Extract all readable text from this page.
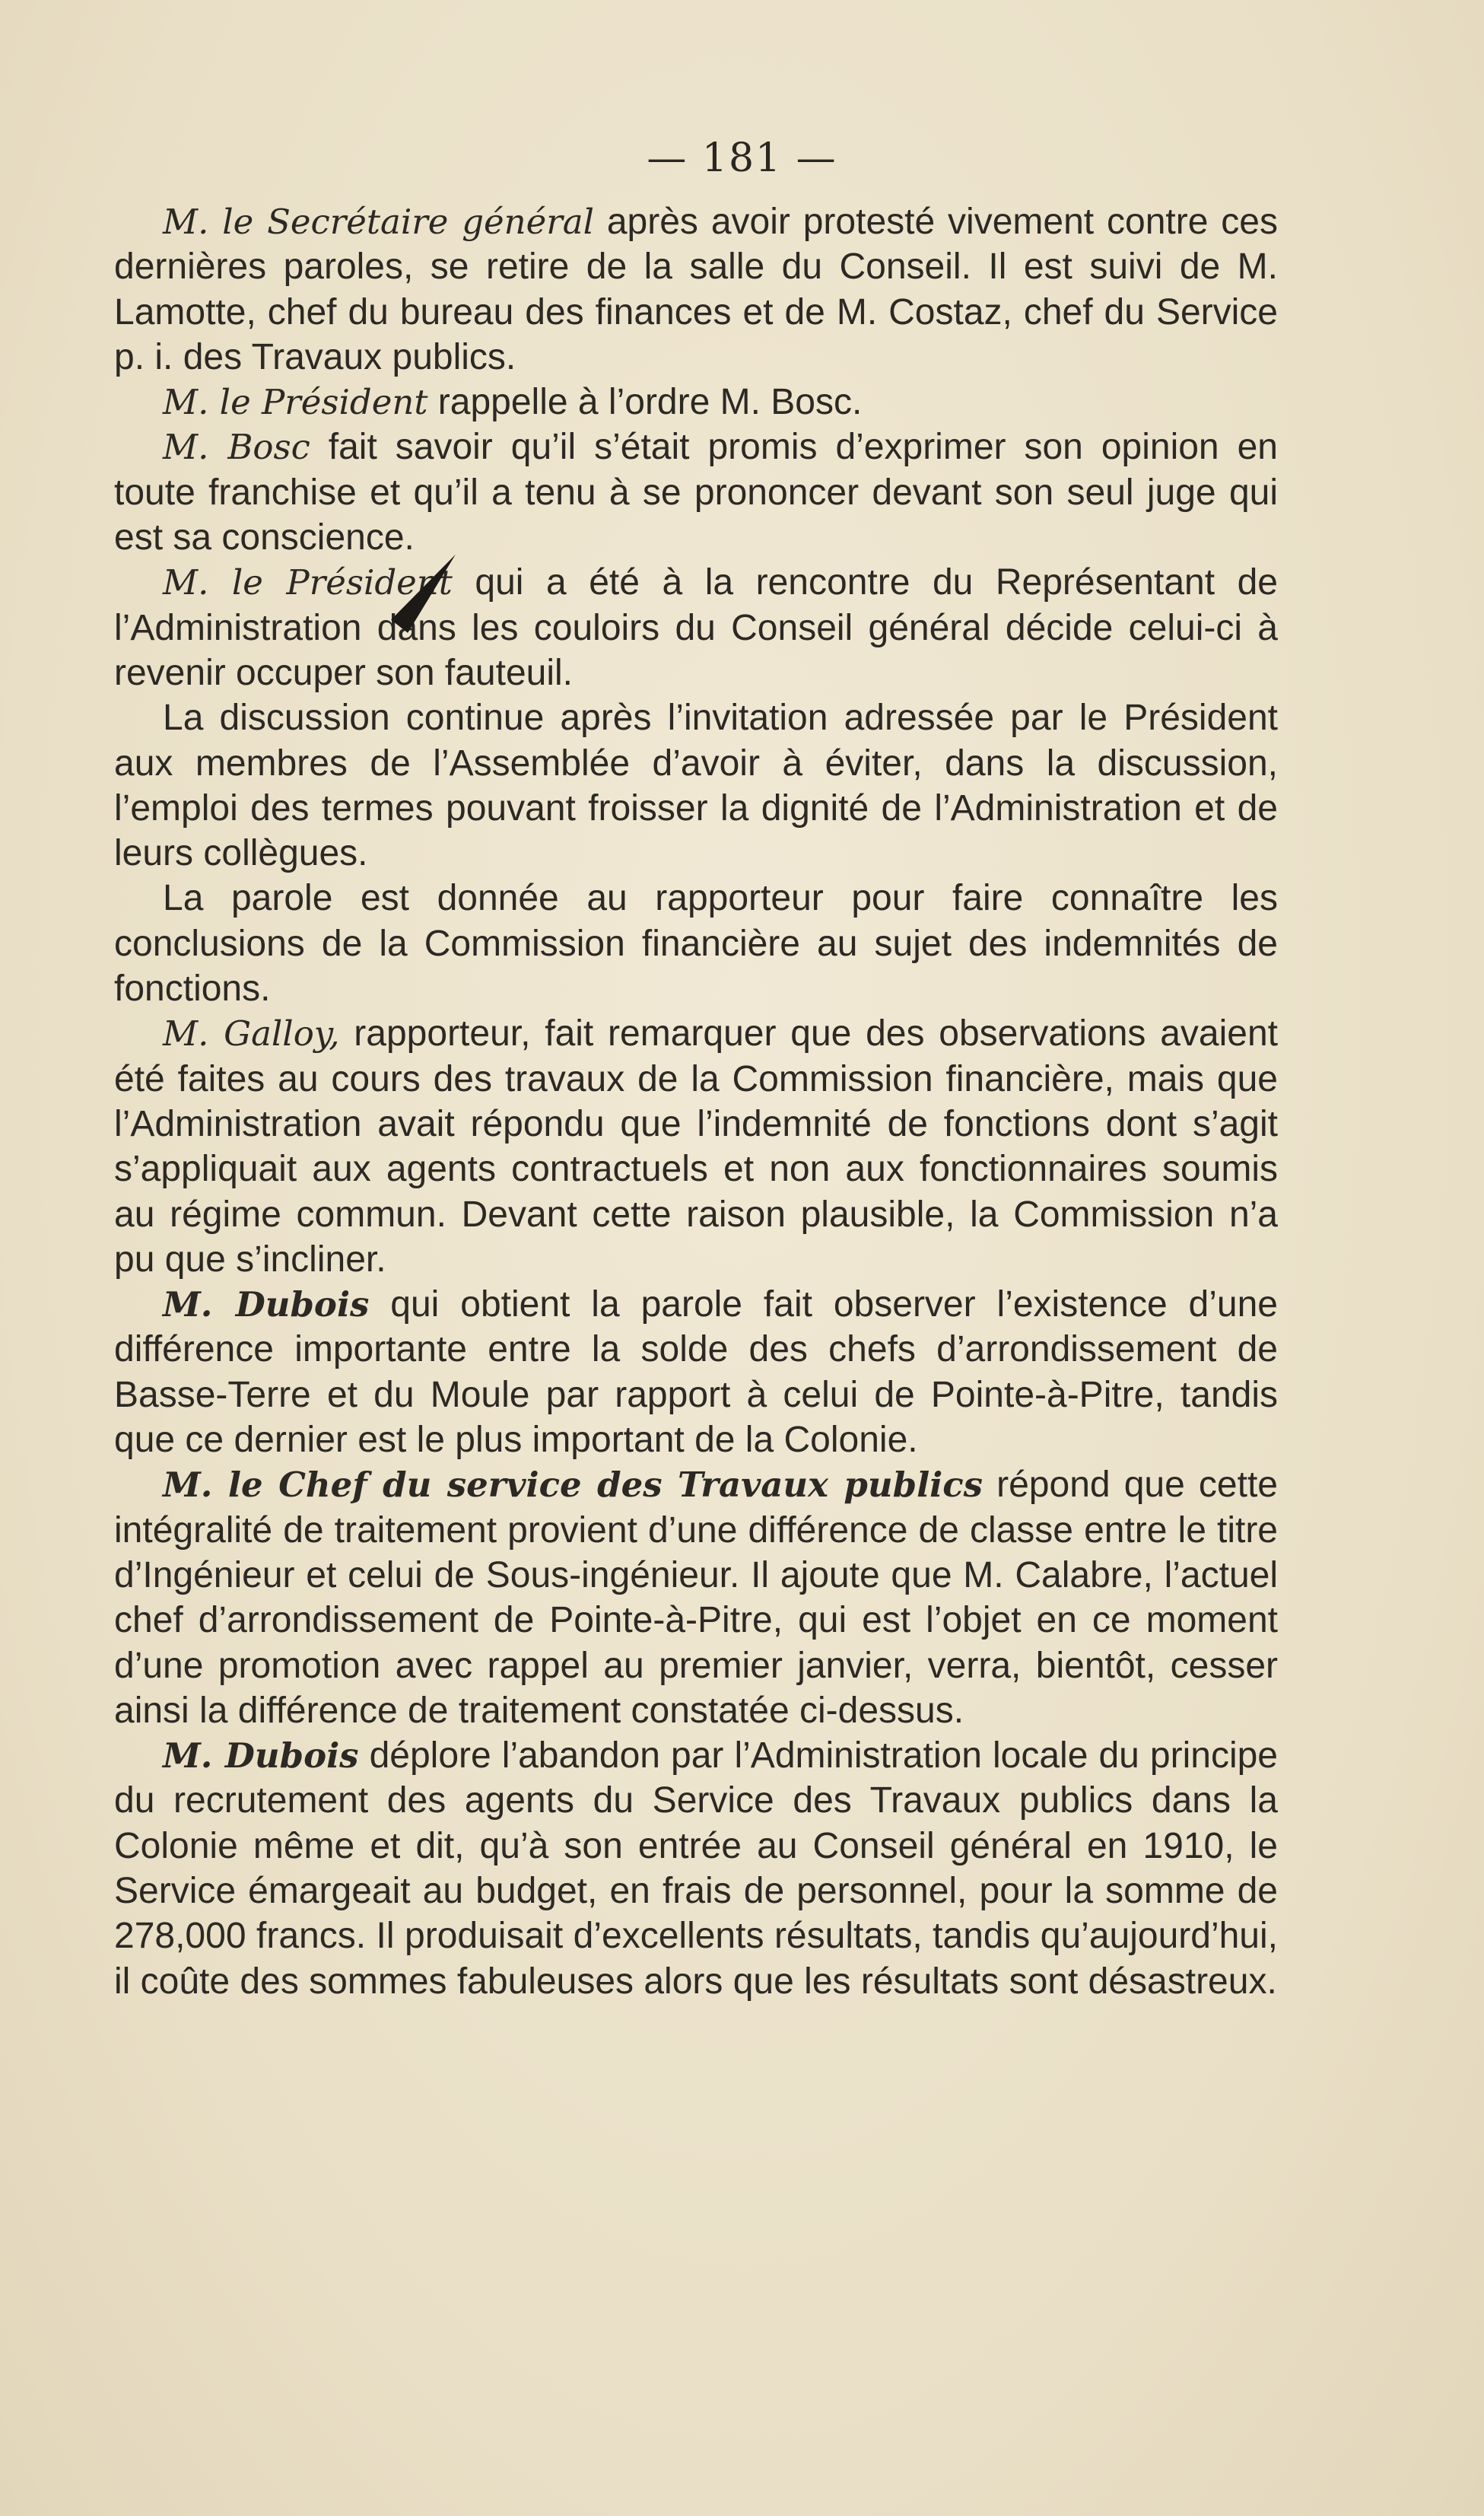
— 181 —

M. le Secrétaire général après avoir protesté vivement contre ces dernières paroles, se retire de la salle du Conseil. Il est suivi de M. Lamotte, chef du bureau des finances et de M. Costaz, chef du Service p. i. des Travaux publics.

M. le Président rappelle à l’ordre M. Bosc.

M. Bosc fait savoir qu’il s’était promis d’exprimer son opinion en toute franchise et qu’il a tenu à se prononcer devant son seul juge qui est sa conscience.

M. le Président qui a été à la rencontre du Représentant de l’Administration dans les couloirs du Conseil général décide celui-ci à revenir occuper son fauteuil.

La discussion continue après l’invitation adressée par le Président aux membres de l’Assemblée d’avoir à éviter, dans la discussion, l’emploi des termes pouvant froisser la dignité de l’Administration et de leurs collègues.

La parole est donnée au rapporteur pour faire connaître les conclusions de la Commission financière au sujet des indemnités de fonctions.

M. Galloy, rapporteur, fait remarquer que des observations avaient été faites au cours des travaux de la Commission financière, mais que l’Administration avait répondu que l’indemnité de fonctions dont s’agit s’appliquait aux agents contractuels et non aux fonctionnaires soumis au régime commun. Devant cette raison plausible, la Commission n’a pu que s’incliner.

M. Dubois qui obtient la parole fait observer l’existence d’une différence importante entre la solde des chefs d’arrondissement de Basse-Terre et du Moule par rapport à celui de Pointe-à-Pitre, tandis que ce dernier est le plus important de la Colonie.

M. le Chef du service des Travaux publics répond que cette intégralité de traitement provient d’une différence de classe entre le titre d’Ingénieur et celui de Sous-ingénieur. Il ajoute que M. Calabre, l’actuel chef d’arrondissement de Pointe-à-Pitre, qui est l’objet en ce moment d’une promotion avec rappel au premier janvier, verra, bientôt, cesser ainsi la différence de traitement constatée ci-dessus.

M. Dubois déplore l’abandon par l’Administration locale du principe du recrutement des agents du Service des Travaux publics dans la Colonie même et dit, qu’à son entrée au Conseil général en 1910, le Service émargeait au budget, en frais de personnel, pour la somme de 278,000 francs. Il produisait d’excellents résultats, tandis qu’aujourd’hui, il coûte des sommes fabuleuses alors que les résultats sont désastreux.
